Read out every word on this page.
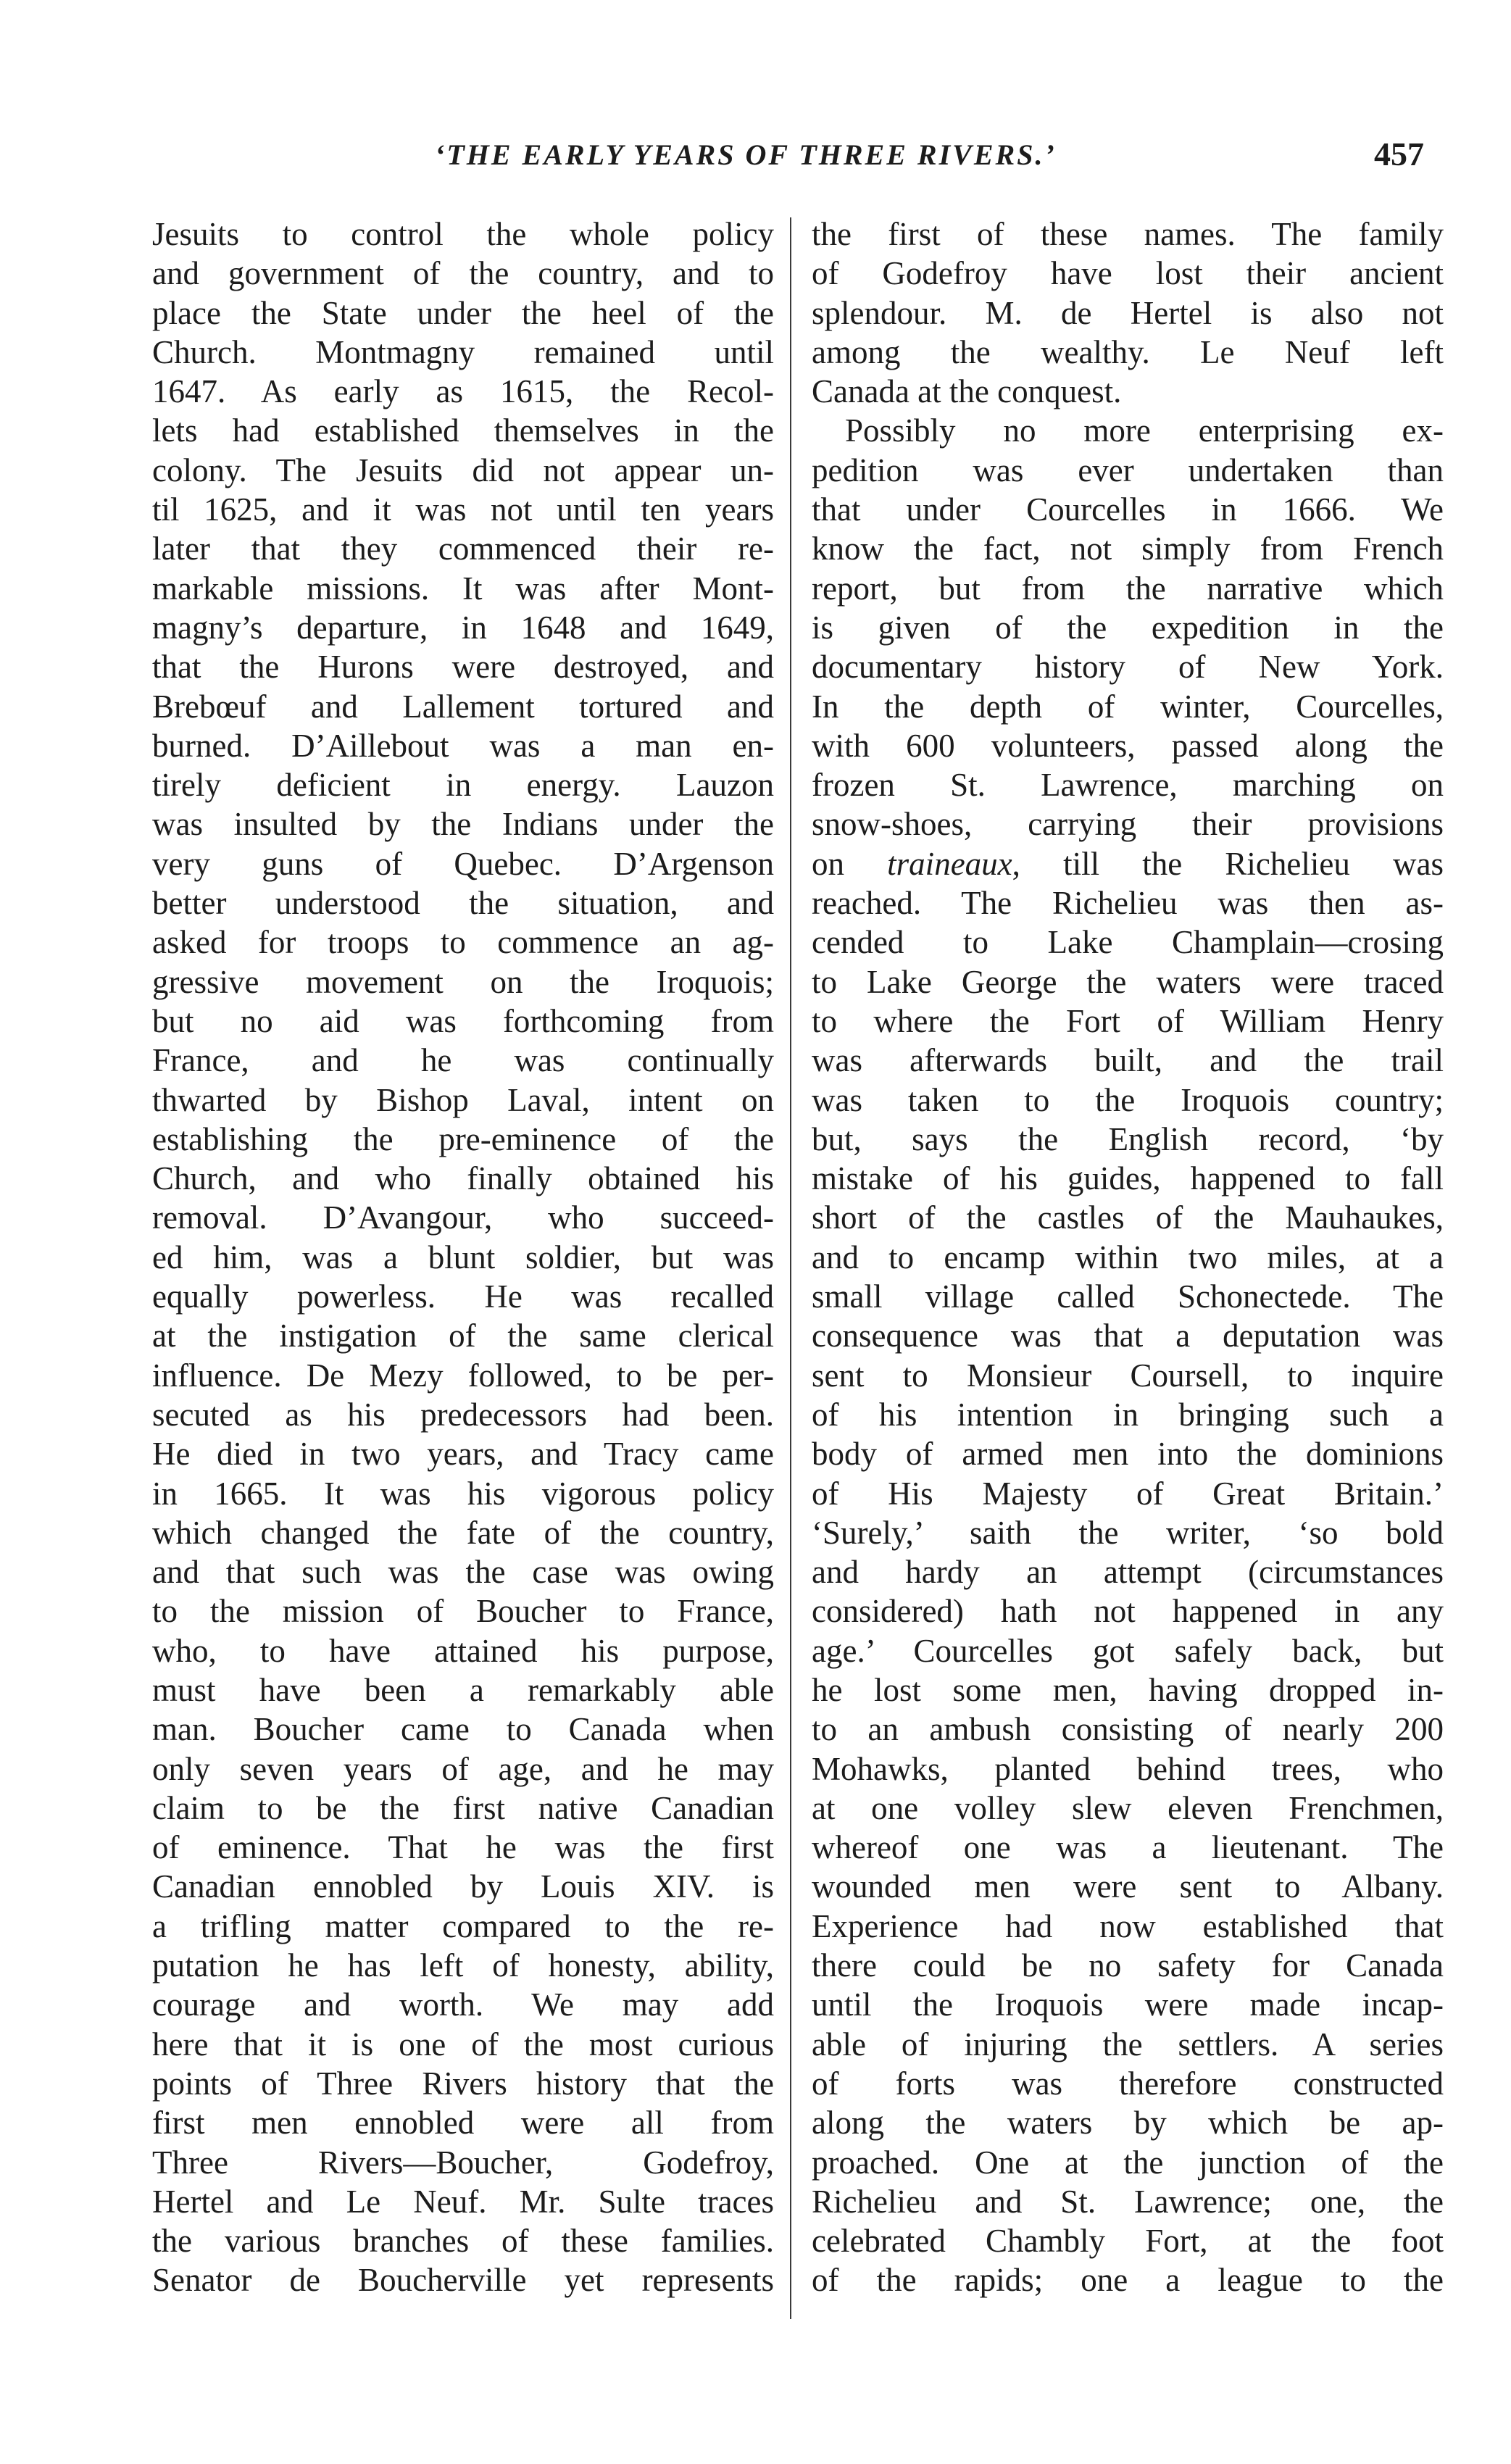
‘THE EARLY YEARS OF THREE RIVERS.’	457
Jesuits to control the whole policy
and government of the country, and to
place the State under the heel of the
Church. Montmagny remained until
1647. As early as 1615, the Recol-
lets had established themselves in the
colony. The Jesuits did not appear un-
til 1625, and it was not until ten years
later that they commenced their re-
markable missions. It was after Mont-
magny’s departure, in 1648 and 1649,
that the Hurons were destroyed, and
Brebœuf and Lallement tortured and
burned. D’Aillebout was a man en-
tirely deficient in energy. Lauzon
was insulted by the Indians under the
very guns of Quebec. D’Argenson
better understood the situation, and
asked for troops to commence an ag-
gressive movement on the Iroquois;
but no aid was forthcoming from
France, and he was continually
thwarted by Bishop Laval, intent on
establishing the pre-eminence of the
Church, and who finally obtained his
removal. D’Avangour, who succeed-
ed him, was a blunt soldier, but was
equally powerless. He was recalled
at the instigation of the same clerical
influence. De Mezy followed, to be per-
secuted as his predecessors had been.
He died in two years, and Tracy came
in 1665. It was his vigorous policy
which changed the fate of the country,
and that such was the case was owing
to the mission of Boucher to France,
who, to have attained his purpose,
must have been a remarkably able
man. Boucher came to Canada when
only seven years of age, and he may
claim to be the first native Canadian
of eminence. That he was the first
Canadian ennobled by Louis XIV. is
a trifling matter compared to the re-
putation he has left of honesty, ability,
courage and worth. We may add
here that it is one of the most curious
points of Three Rivers history that the
first men ennobled were all from
Three Rivers—Boucher, Godefroy,
Hertel and Le Neuf. Mr. Sulte traces
the various branches of these families.
Senator de Boucherville yet represents
the first of these names. The family
of Godefroy have lost their ancient
splendour. M. de Hertel is also not
among the wealthy. Le Neuf left
Canada at the conquest.
Possibly no more enterprising ex-
pedition was ever undertaken than
that under Courcelles in 1666. We
know the fact, not simply from French
report, but from the narrative which
is given of the expedition in the
documentary history of New York.
In the depth of winter, Courcelles,
with 600 volunteers, passed along the
frozen St. Lawrence, marching on
snow-shoes, carrying their provisions
on traineaux, till the Richelieu was
reached. The Richelieu was then as-
cended to Lake Champlain—crosing
to Lake George the waters were traced
to where the Fort of William Henry
was afterwards built, and the trail
was taken to the Iroquois country;
but, says the English record, ‘by
mistake of his guides, happened to fall
short of the castles of the Mauhaukes,
and to encamp within two miles, at a
small village called Schonectede. The
consequence was that a deputation was
sent to Monsieur Coursell, to inquire
of his intention in bringing such a
body of armed men into the dominions
of His Majesty of Great Britain.’
‘Surely,’ saith the writer, ‘so bold
and hardy an attempt (circumstances
considered) hath not happened in any
age.’ Courcelles got safely back, but
he lost some men, having dropped in-
to an ambush consisting of nearly 200
Mohawks, planted behind trees, who
at one volley slew eleven Frenchmen,
whereof one was a lieutenant. The
wounded men were sent to Albany.
Experience had now established that
there could be no safety for Canada
until the Iroquois were made incap-
able of injuring the settlers. A series
of forts was therefore constructed
along the waters by which be ap-
proached. One at the junction of the
Richelieu and St. Lawrence; one, the
celebrated Chambly Fort, at the foot
of the rapids; one a league to the
